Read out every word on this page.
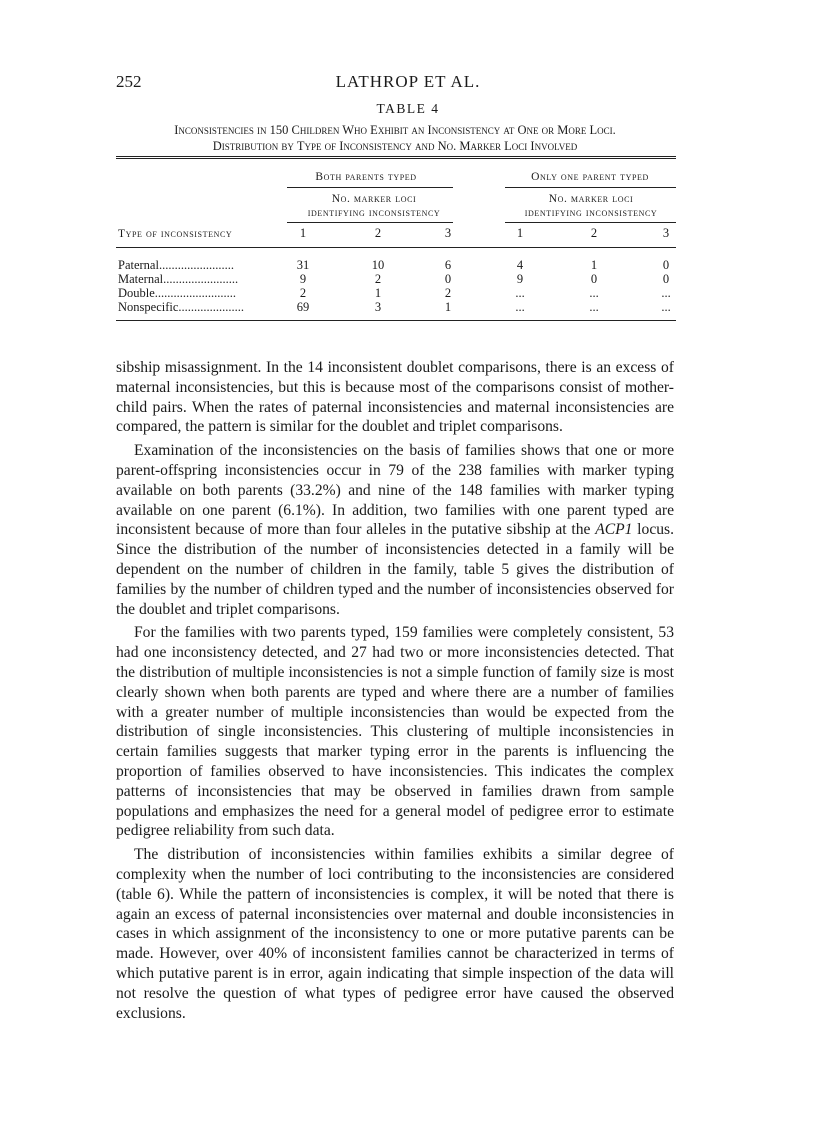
252	LATHROP ET AL.
TABLE 4
Inconsistencies in 150 Children Who Exhibit an Inconsistency at One or More Loci.
Distribution by Type of Inconsistency and No. Marker Loci Involved
Both parents typed	Only one parent typed
No. marker loci
identifying inconsistency
No. marker loci
identifying inconsistency
Type of inconsistency	1	2	3	1	2	3
Paternal........................	31	10	6	4	1	0
Maternal........................	9	2	0	9	0	0
Double..........................	2	1	2	...	...	...
Nonspecific.....................	69	3	1	...	...	...

sibship misassignment. In the 14 inconsistent doublet comparisons, there is an excess of maternal inconsistencies, but this is because most of the comparisons consist of mother-child pairs. When the rates of paternal inconsistencies and maternal inconsistencies are compared, the pattern is similar for the doublet and triplet comparisons.

Examination of the inconsistencies on the basis of families shows that one or more parent-offspring inconsistencies occur in 79 of the 238 families with marker typing available on both parents (33.2%) and nine of the 148 families with marker typing available on one parent (6.1%). In addition, two families with one parent typed are inconsistent because of more than four alleles in the putative sibship at the ACP1 locus. Since the distribution of the number of inconsistencies detected in a family will be dependent on the number of children in the family, table 5 gives the distribution of families by the number of children typed and the number of inconsistencies observed for the doublet and triplet comparisons.

For the families with two parents typed, 159 families were completely consistent, 53 had one inconsistency detected, and 27 had two or more inconsistencies detected. That the distribution of multiple inconsistencies is not a simple function of family size is most clearly shown when both parents are typed and where there are a number of families with a greater number of multiple inconsistencies than would be expected from the distribution of single inconsistencies. This clustering of multiple inconsistencies in certain families suggests that marker typing error in the parents is influencing the proportion of families observed to have inconsistencies. This indicates the complex patterns of inconsistencies that may be observed in families drawn from sample populations and emphasizes the need for a general model of pedigree error to estimate pedigree reliability from such data.

The distribution of inconsistencies within families exhibits a similar degree of complexity when the number of loci contributing to the inconsistencies are considered (table 6). While the pattern of inconsistencies is complex, it will be noted that there is again an excess of paternal inconsistencies over maternal and double inconsistencies in cases in which assignment of the inconsistency to one or more putative parents can be made. However, over 40% of inconsistent families cannot be characterized in terms of which putative parent is in error, again indicating that simple inspection of the data will not resolve the question of what types of pedigree error have caused the observed exclusions.
